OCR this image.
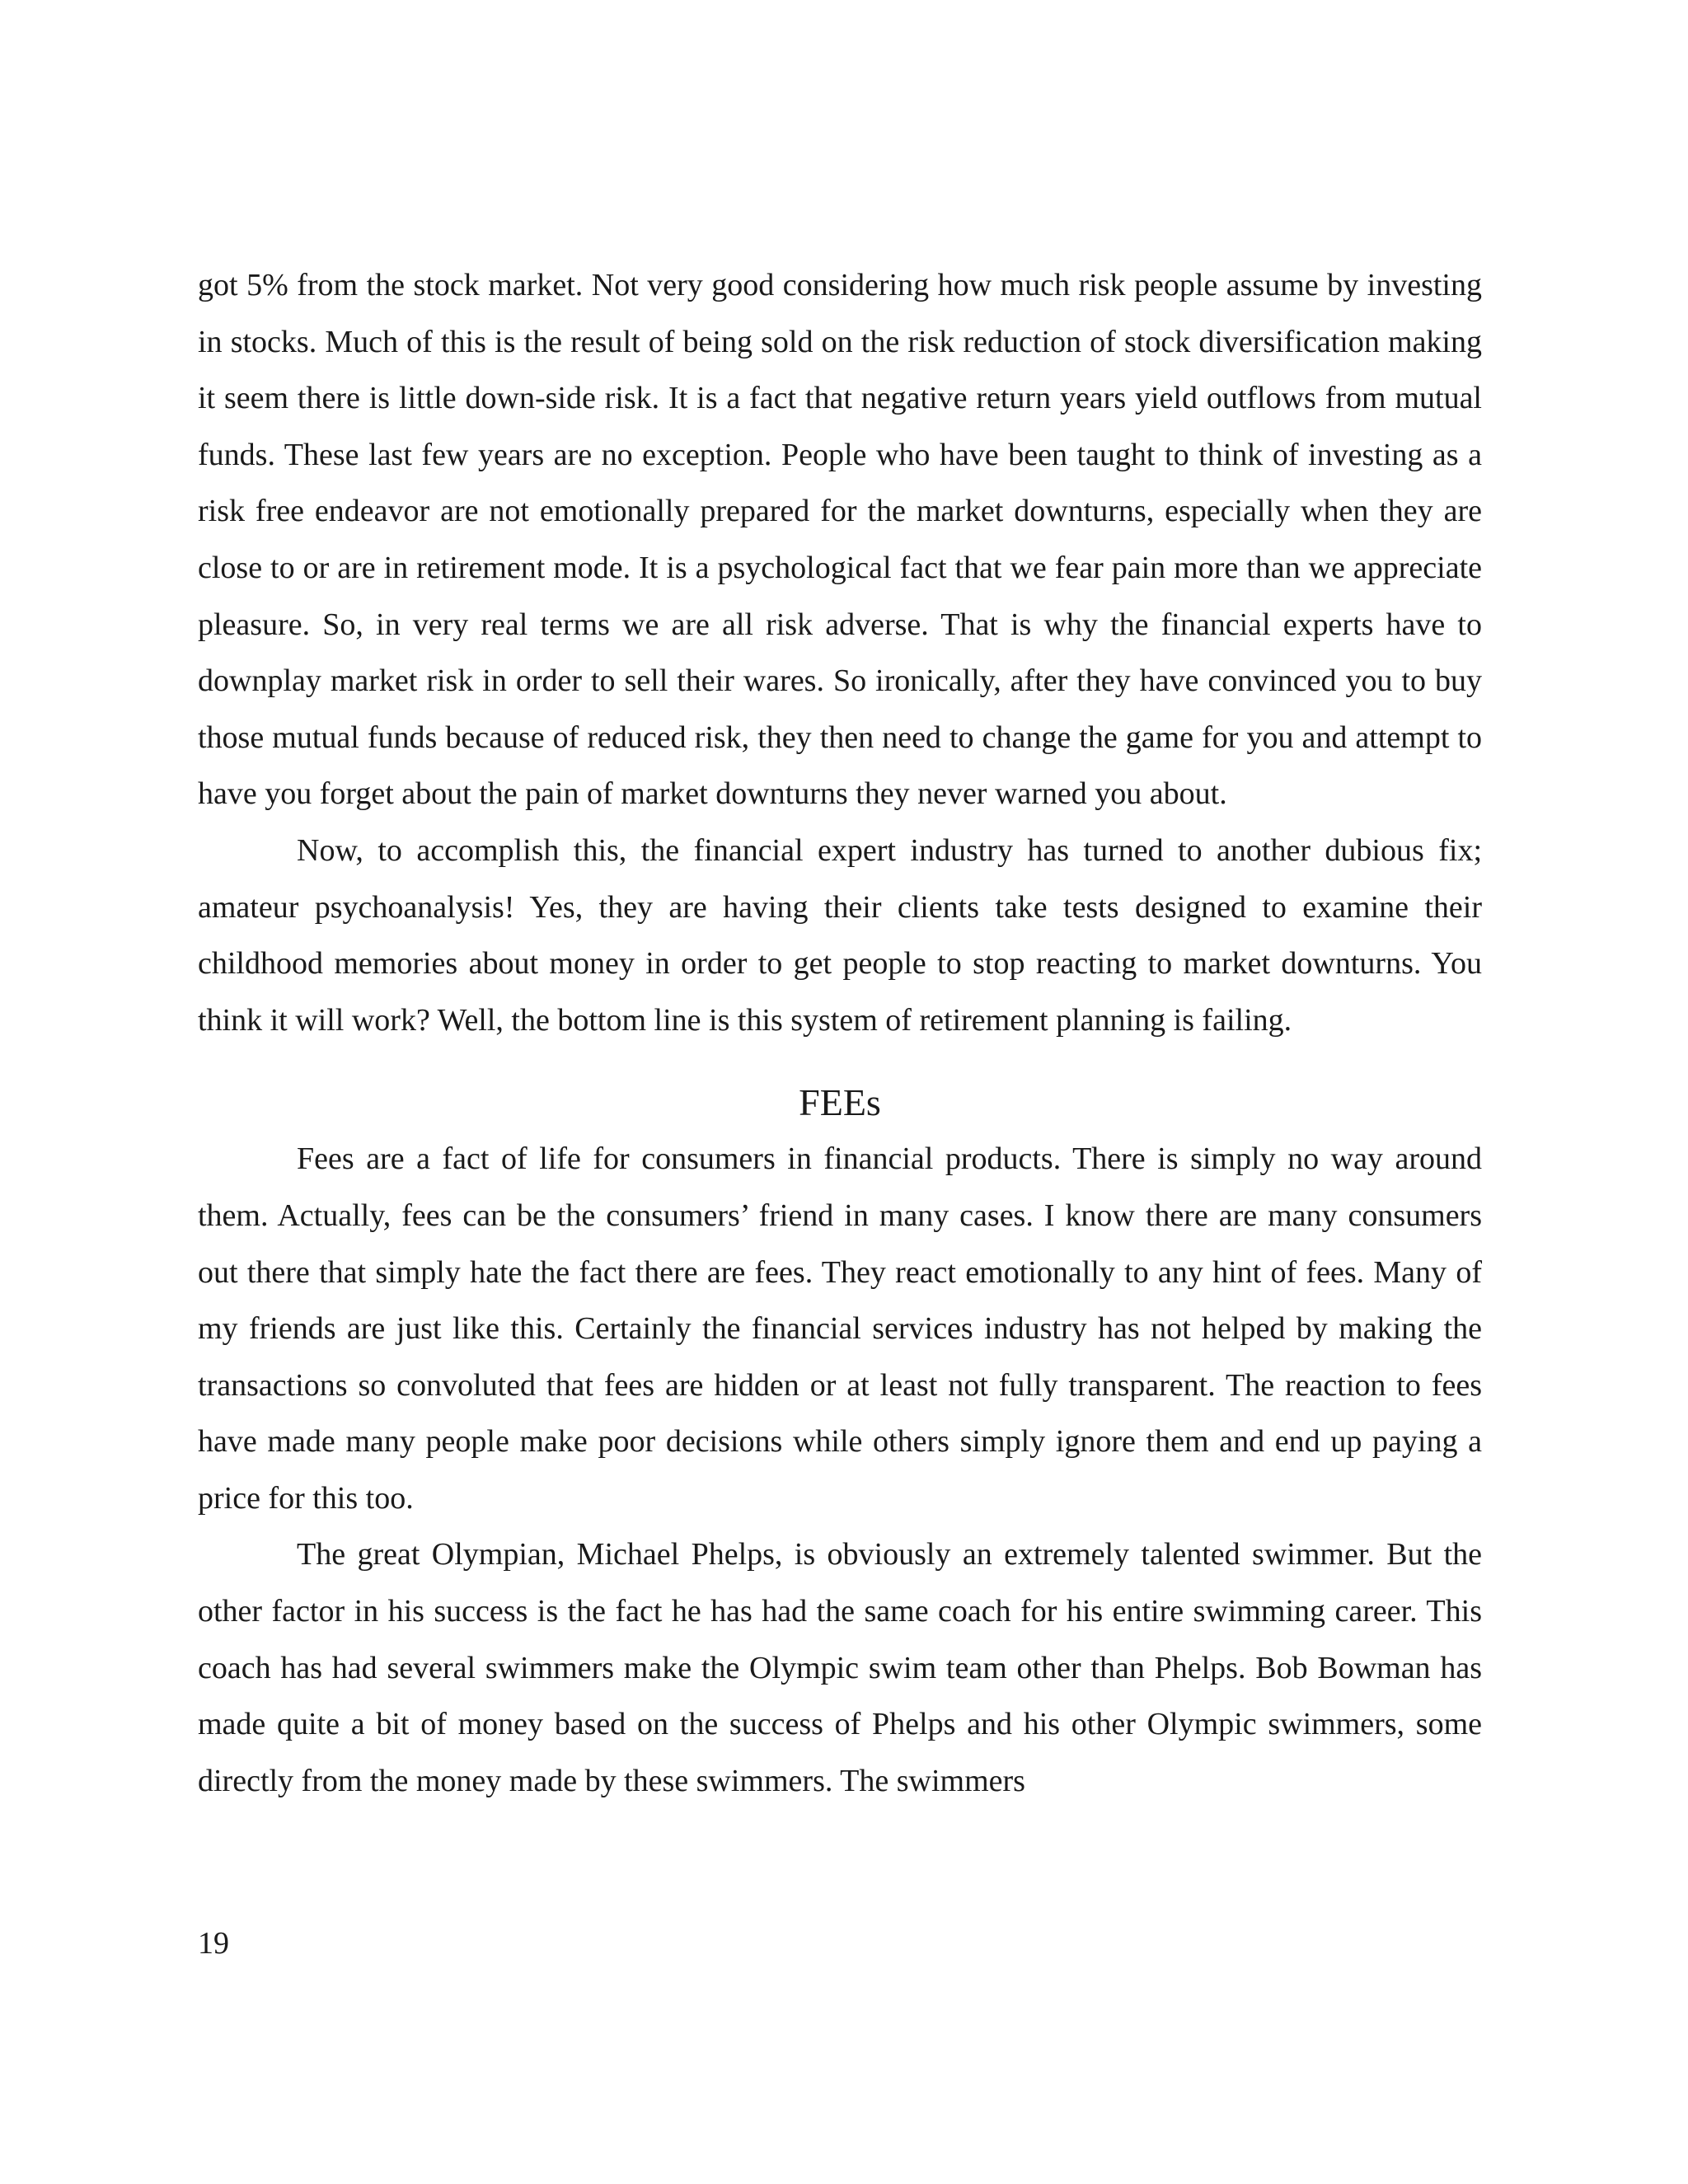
got 5% from the stock market. Not very good considering how much risk people assume by investing in stocks. Much of this is the result of being sold on the risk reduction of stock diversification making it seem there is little down-side risk. It is a fact that negative return years yield outflows from mutual funds. These last few years are no exception. People who have been taught to think of investing as a risk free endeavor are not emotionally prepared for the market downturns, especially when they are close to or are in retirement mode. It is a psychological fact that we fear pain more than we appreciate pleasure. So, in very real terms we are all risk adverse. That is why the financial experts have to downplay market risk in order to sell their wares. So ironically, after they have convinced you to buy those mutual funds because of reduced risk, they then need to change the game for you and attempt to have you forget about the pain of market downturns they never warned you about.

Now, to accomplish this, the financial expert industry has turned to another dubious fix; amateur psychoanalysis! Yes, they are having their clients take tests designed to examine their childhood memories about money in order to get people to stop reacting to market downturns. You think it will work? Well, the bottom line is this system of retirement planning is failing.

FEEs

Fees are a fact of life for consumers in financial products. There is simply no way around them. Actually, fees can be the consumers’ friend in many cases. I know there are many consumers out there that simply hate the fact there are fees. They react emotionally to any hint of fees. Many of my friends are just like this. Certainly the financial services industry has not helped by making the transactions so convoluted that fees are hidden or at least not fully transparent. The reaction to fees have made many people make poor decisions while others simply ignore them and end up paying a price for this too.

The great Olympian, Michael Phelps, is obviously an extremely talented swimmer. But the other factor in his success is the fact he has had the same coach for his entire swimming career. This coach has had several swimmers make the Olympic swim team other than Phelps. Bob Bowman has made quite a bit of money based on the success of Phelps and his other Olympic swimmers, some directly from the money made by these swimmers. The swimmers

19
